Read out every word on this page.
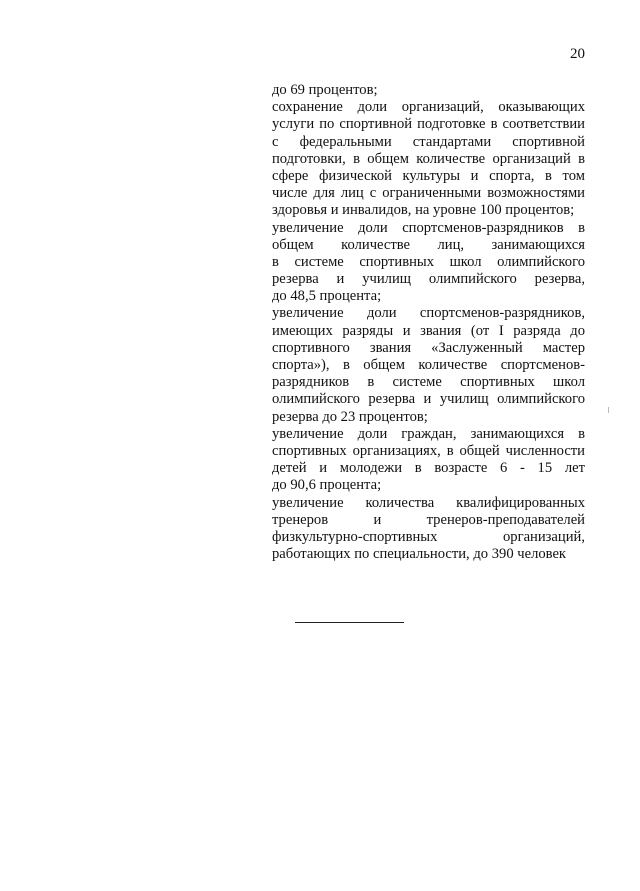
20
до 69 процентов;
сохранение доли организаций, оказывающих
услуги по спортивной подготовке в соответствии
с федеральными стандартами спортивной
подготовки, в общем количестве организаций в
сфере физической культуры и спорта, в том
числе для лиц с ограниченными возможностями
здоровья и инвалидов, на уровне 100 процентов;
увеличение доли спортсменов-разрядников в
общем количестве лиц, занимающихся
в системе спортивных школ олимпийского
резерва и училищ олимпийского резерва,
до 48,5 процента;
увеличение доли спортсменов-разрядников,
имеющих разряды и звания (от I разряда до
спортивного звания «Заслуженный мастер
спорта»), в общем количестве спортсменов-
разрядников в системе спортивных школ
олимпийского резерва и училищ олимпийского
резерва до 23 процентов;
увеличение доли граждан, занимающихся в
спортивных организациях, в общей численности
детей и молодежи в возрасте 6 - 15 лет
до 90,6 процента;
увеличение количества квалифицированных
тренеров и тренеров-преподавателей
физкультурно-спортивных организаций,
работающих по специальности, до 390 человек
